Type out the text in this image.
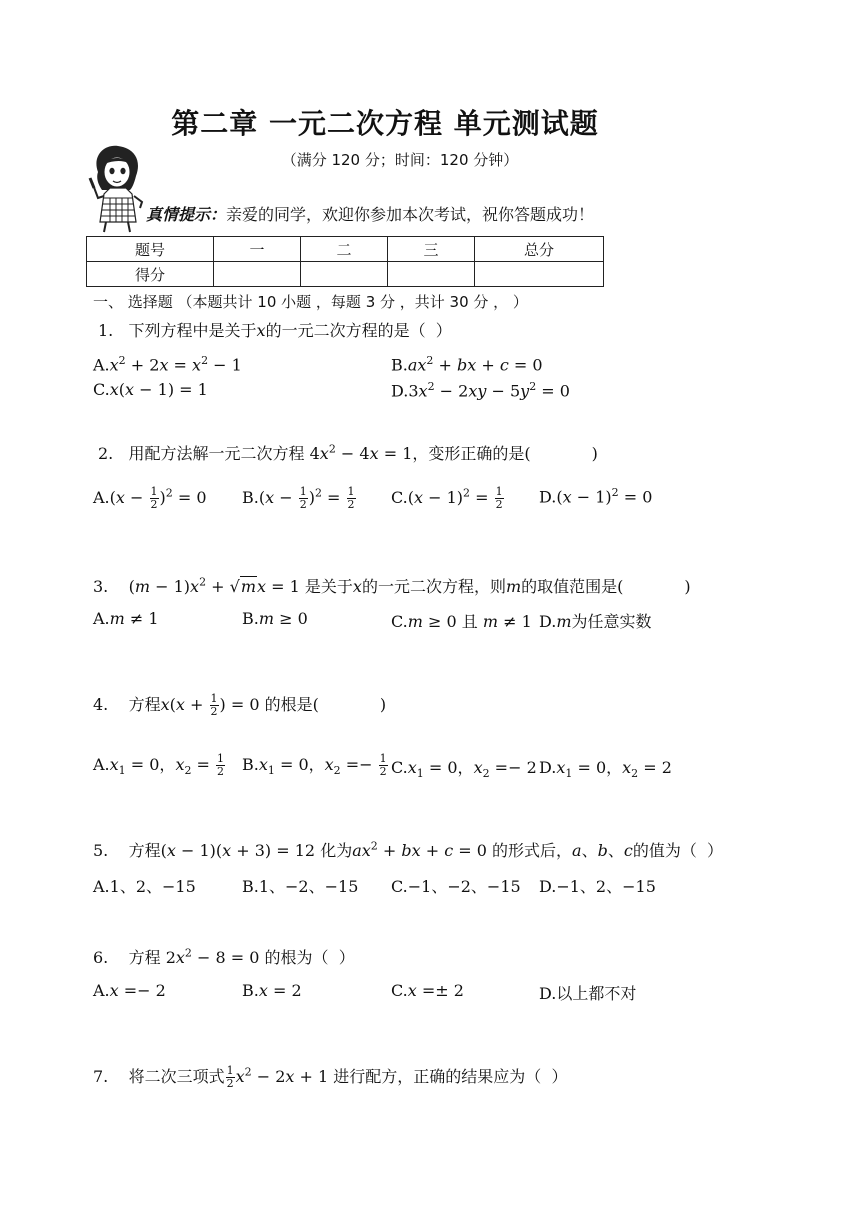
第二章 一元二次方程 单元测试题
（满分 120 分；时间：120 分钟）
真情提示：亲爱的同学，欢迎你参加本次考试，祝你答题成功！
题号	一	二	三	总分
得分				
一、 选择题 （本题共计 10 小题 ，每题 3 分 ，共计 30 分 ， ）
1.   下列方程中是关于x的一元二次方程的是（  ）
$A.x^2 + 2x = x^2 - 1$	$B.ax^2$ + bx + c = 0
C.x(x − 1) = 1	$D.3x^2 - 2xy - 5y^2 = 0$
2.   用配方法解一元二次方程 $4x^2 - 4x = 1$，变形正确的是(            )
$A.(x - \frac{1}{2} )^2 = 0$ $B.(x - \frac{1}{2} )^2 = \frac{1}{2} C.(x - 1)^2 = \frac{1}{2} D.(x - 1)^2 = 0$
3.    $(m - 1)x^2 + √mx = 1$ 是关于x的一元二次方程，则m的取值范围是(            )
A.m ≠ 1	B.m ≥ 0	C.m ≥ 0 且 m ≠ 1 D.m为任意实数
4.    方程$x(x + \frac{1}{2}$ ) = 0 的根是(            )
$A.x_1 = 0$，$x_2 = \frac{1}{2} B.x_1 = 0$，$x_2 =- \frac{1}{2} C.x_1 = 0$，$x_2 =- 2$ $D.x_1 = 0$，$x_2 = 2$
5.    方程(x − 1)(x + 3) = 12 化为$ax^2$ + bx + c = 0 的形式后，a、b、c的值为（  ）
A.1、2、−15	B.1、−2、−15 C.−1、−2、−15 D.−1、2、−15
6.    方程 $2x^2 - 8 = 0$ 的根为（  ）
A.x =− 2	B.x = 2	C.x =± 2	D.以上都不对
7.    将二次三项式 $\frac{1}{2} x^2 - 2x + 1$ 进行配方，正确的结果应为（  ）
